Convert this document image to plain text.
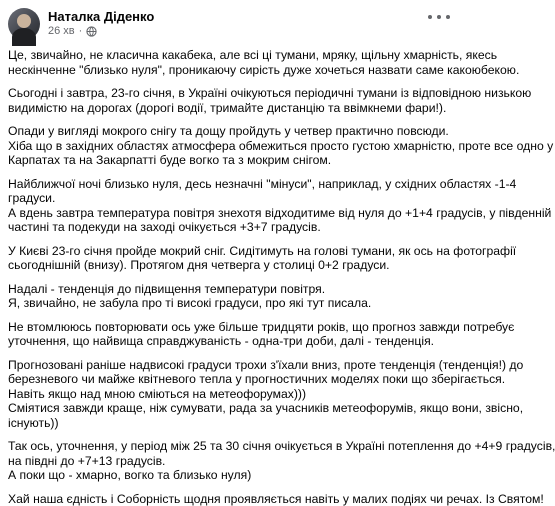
Наталка Діденко
26 хв ·

Це, звичайно, не класична какабека, але всі ці тумани, мряку, щільну хмарність, якесь
нескінченне "близько нуля", проникаючу сирість дуже хочеться назвати саме какоюбекою.

Сьогодні і завтра, 23-го січня, в Україні очікуються періодичні тумани із відповідною низькою
видимістю на дорогах (дорогі водії, тримайте дистанцію та ввімкнеми фари!).

Опади у вигляді мокрого снігу та дощу пройдуть у четвер практично повсюди.
Хіба що в західних областях атмосфера обмежиться просто густою хмарністю, проте все одно у
Карпатах та на Закарпатті буде вогко та з мокрим снігом.

Найближчої ночі близько нуля, десь незначні "мінуси", наприклад, у східних областях -1-4
градуси.
А вдень завтра температура повітря знехотя відходитиме від нуля до +1+4 градусів, у південній
частині та подекуди на заході очікується +3+7 градусів.

У Києві 23-го січня пройде мокрий сніг. Сидітимуть на голові тумани, як ось на фотографії
сьогоднішній (внизу). Протягом дня четверга у столиці 0+2 градуси.

Надалі - тенденція до підвищення температури повітря.
Я, звичайно, не забула про ті високі градуси, про які тут писала.

Не втомлююсь повторювати ось уже більше тридцяти років, що прогноз завжди потребує
уточнення, що найвища справджуваність - одна-три доби, далі - тенденція.

Прогнозовані раніше надвисокі градуси трохи з'їхали вниз, проте тенденція (тенденція!) до
березневого чи майже квітневого тепла у прогностичних моделях поки що зберігається.
Навіть якщо над мною сміються на метеофорумах)))
Сміятися завжди краще, ніж сумувати, рада за учасників метеофорумів, якщо вони, звісно,
існують))

Так ось, уточнення, у період між 25 та 30 січня очікується в Україні потеплення до +4+9 градусів,
на півдні до +7+13 градусів.
А поки що - хмарно, вогко та близько нуля)

Хай наша єдність і Соборність щодня проявляється навіть у малих подіях чи речах. Із Святом!
